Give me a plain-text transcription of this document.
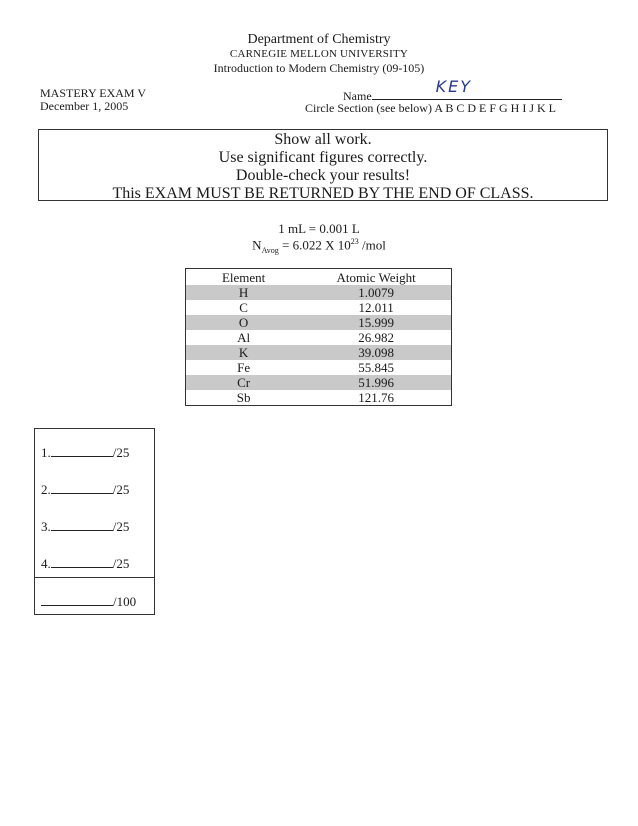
Department of Chemistry
CARNEGIE MELLON UNIVERSITY
Introduction to Modern Chemistry (09-105)
MASTERY EXAM V
December 1, 2005
Name	KEY
Circle Section (see below) A B C D E F G H I J K L
Show all work.
Use significant figures correctly.
Double-check your results!
This EXAM MUST BE RETURNED BY THE END OF CLASS.
1 mL = 0.001 L
$N_{Avog} = 6.022$ X $10^{23}$ /mol
Element	Atomic Weight
H	1.0079
C	12.011
O	15.999
Al	26.982
K	39.098
Fe	55.845
Cr	51.996
Sb	121.76
1.	/25
2.	/25
3.	/25
4.	/25
/100
